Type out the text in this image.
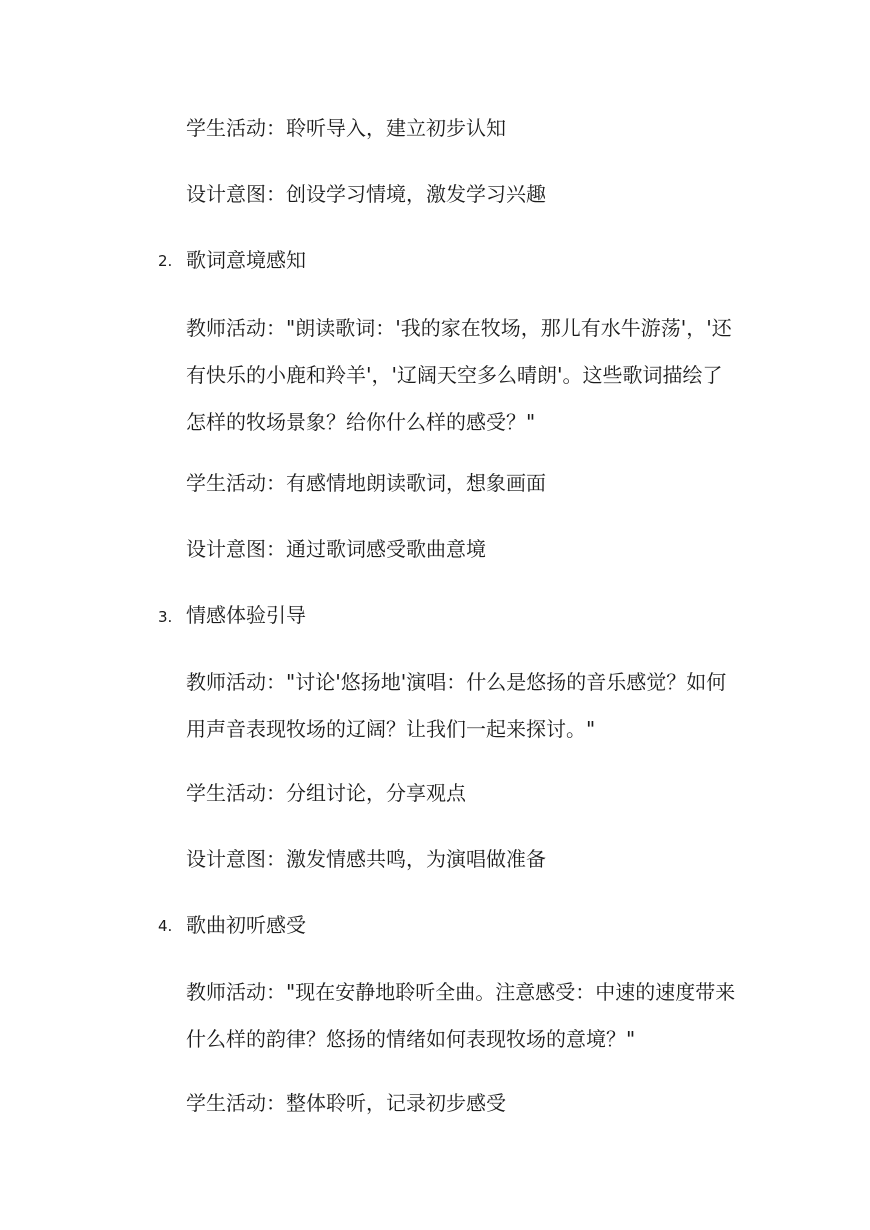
学生活动：聆听导入，建立初步认知
设计意图：创设学习情境，激发学习兴趣
2. 歌词意境感知
教师活动："朗读歌词：'我的家在牧场，那儿有水牛游荡'，'还
有快乐的小鹿和羚羊'，'辽阔天空多么晴朗'。这些歌词描绘了
怎样的牧场景象？给你什么样的感受？"
学生活动：有感情地朗读歌词，想象画面
设计意图：通过歌词感受歌曲意境
3. 情感体验引导
教师活动："讨论'悠扬地'演唱：什么是悠扬的音乐感觉？如何
用声音表现牧场的辽阔？让我们一起来探讨。"
学生活动：分组讨论，分享观点
设计意图：激发情感共鸣，为演唱做准备
4. 歌曲初听感受
教师活动："现在安静地聆听全曲。注意感受：中速的速度带来
什么样的韵律？悠扬的情绪如何表现牧场的意境？"
学生活动：整体聆听，记录初步感受
